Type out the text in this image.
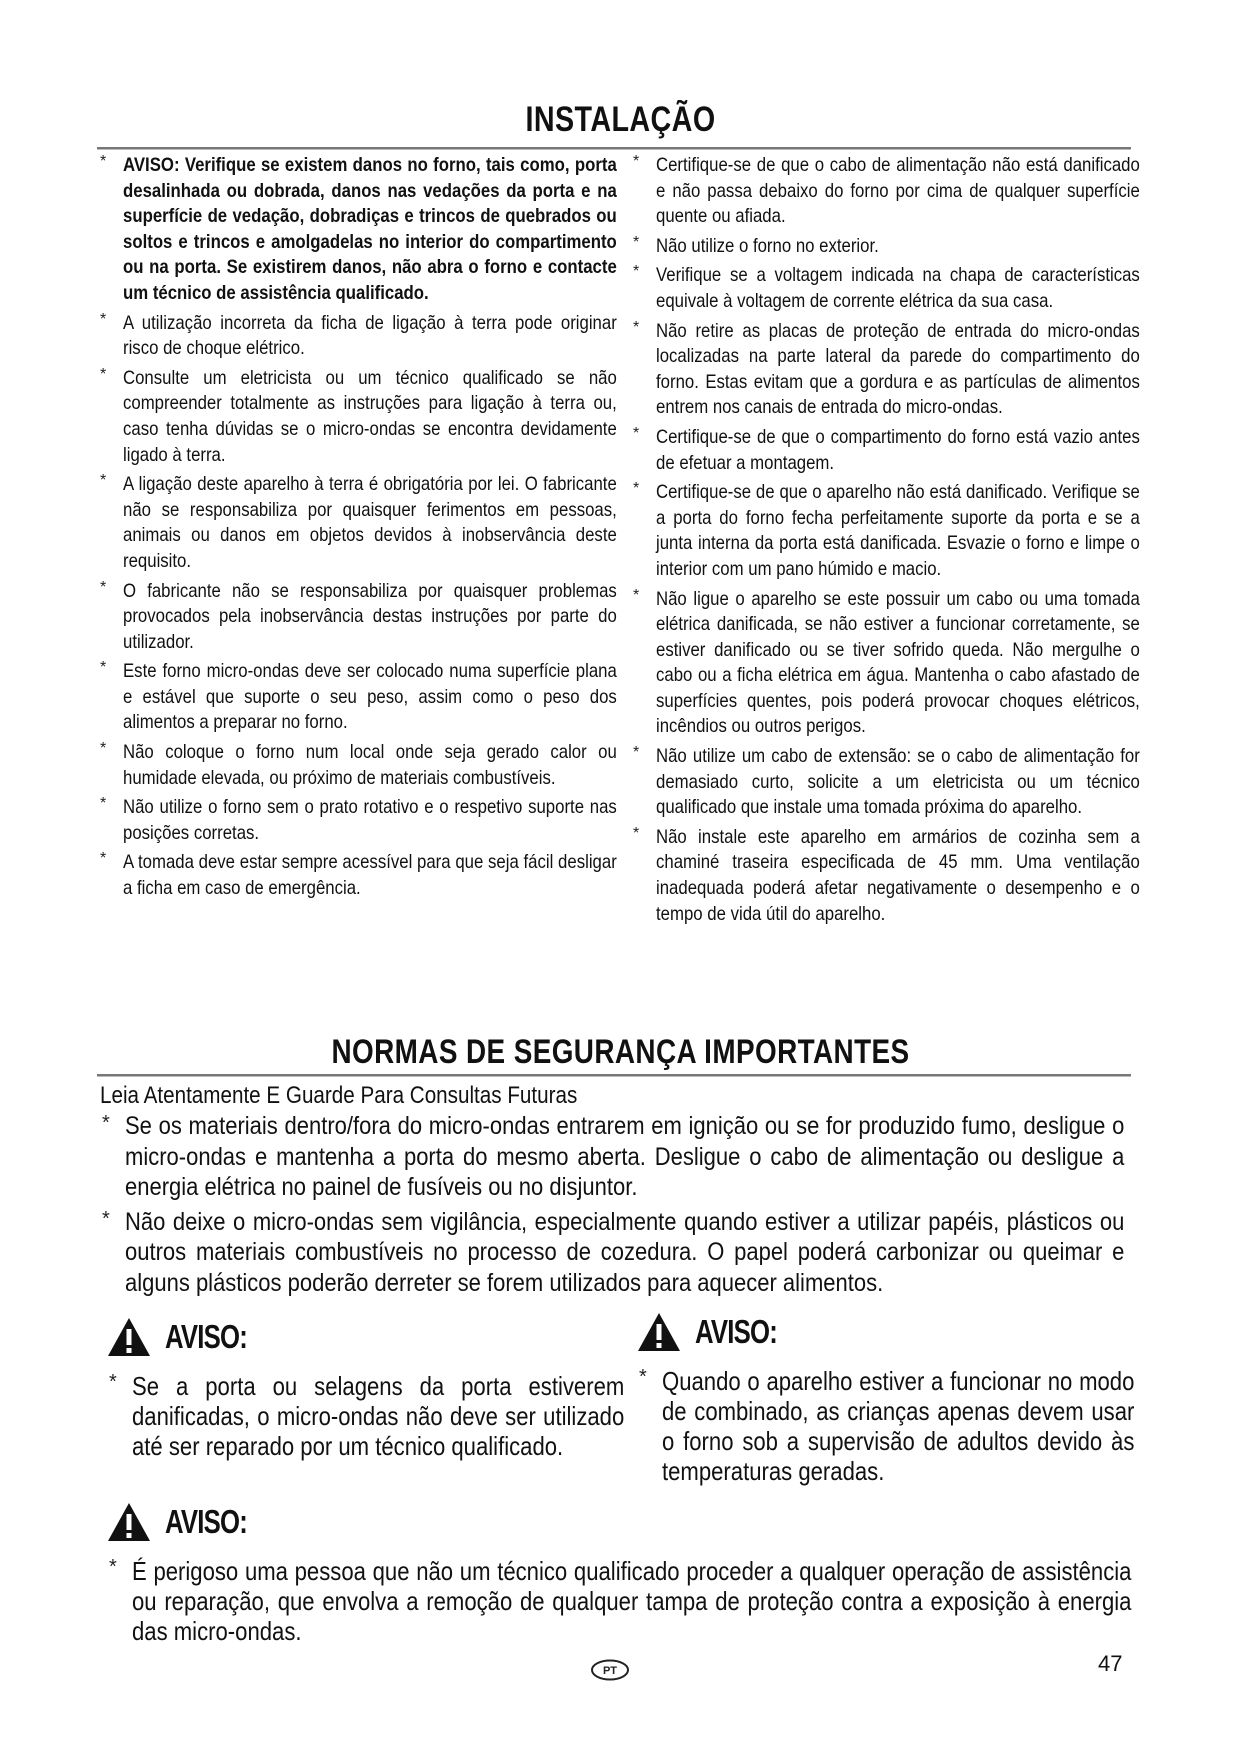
INSTALAÇÃO
* AVISO: Verifique se existem danos no forno, tais como, porta desalinhada ou dobrada, danos nas vedações da porta e na superfície de vedação, dobradiças e trincos de quebrados ou soltos e trincos e amolgadelas no interior do compartimento ou na porta. Se existirem danos, não abra o forno e contacte um técnico de assistência qualificado.
* A utilização incorreta da ficha de ligação à terra pode originar risco de choque elétrico.
* Consulte um eletricista ou um técnico qualificado se não compreender totalmente as instruções para ligação à terra ou, caso tenha dúvidas se o micro-ondas se encontra devidamente ligado à terra.
* A ligação deste aparelho à terra é obrigatória por lei. O fabricante não se responsabiliza por quaisquer ferimentos em pessoas, animais ou danos em objetos devidos à inobservância deste requisito.
* O fabricante não se responsabiliza por quaisquer problemas provocados pela inobservância destas instruções por parte do utilizador.
* Este forno micro-ondas deve ser colocado numa superfície plana e estável que suporte o seu peso, assim como o peso dos alimentos a preparar no forno.
* Não coloque o forno num local onde seja gerado calor ou humidade elevada, ou próximo de materiais combustíveis.
* Não utilize o forno sem o prato rotativo e o respetivo suporte nas posições corretas.
* A tomada deve estar sempre acessível para que seja fácil desligar a ficha em caso de emergência.
* Certifique-se de que o cabo de alimentação não está danificado e não passa debaixo do forno por cima de qualquer superfície quente ou afiada.
* Não utilize o forno no exterior.
* Verifique se a voltagem indicada na chapa de características equivale à voltagem de corrente elétrica da sua casa.
* Não retire as placas de proteção de entrada do micro-ondas localizadas na parte lateral da parede do compartimento do forno. Estas evitam que a gordura e as partículas de alimentos entrem nos canais de entrada do micro-ondas.
* Certifique-se de que o compartimento do forno está vazio antes de efetuar a montagem.
* Certifique-se de que o aparelho não está danificado. Verifique se a porta do forno fecha perfeitamente suporte da porta e se a junta interna da porta está danificada. Esvazie o forno e limpe o interior com um pano húmido e macio.
* Não ligue o aparelho se este possuir um cabo ou uma tomada elétrica danificada, se não estiver a funcionar corretamente, se estiver danificado ou se tiver sofrido queda. Não mergulhe o cabo ou a ficha elétrica em água. Mantenha o cabo afastado de superfícies quentes, pois poderá provocar choques elétricos, incêndios ou outros perigos.
* Não utilize um cabo de extensão: se o cabo de alimentação for demasiado curto, solicite a um eletricista ou um técnico qualificado que instale uma tomada próxima do aparelho.
* Não instale este aparelho em armários de cozinha sem a chaminé traseira especificada de 45 mm. Uma ventilação inadequada poderá afetar negativamente o desempenho e o tempo de vida útil do aparelho.
NORMAS DE SEGURANÇA IMPORTANTES
Leia Atentamente E Guarde Para Consultas Futuras
* Se os materiais dentro/fora do micro-ondas entrarem em ignição ou se for produzido fumo, desligue o micro-ondas e mantenha a porta do mesmo aberta. Desligue o cabo de alimentação ou desligue a energia elétrica no painel de fusíveis ou no disjuntor.
* Não deixe o micro-ondas sem vigilância, especialmente quando estiver a utilizar papéis, plásticos ou outros materiais combustíveis no processo de cozedura. O papel poderá carbonizar ou queimar e alguns plásticos poderão derreter se forem utilizados para aquecer alimentos.
AVISO:
* Se a porta ou selagens da porta estiverem danificadas, o micro-ondas não deve ser utilizado até ser reparado por um técnico qualificado.
AVISO:
* Quando o aparelho estiver a funcionar no modo de combinado, as crianças apenas devem usar o forno sob a supervisão de adultos devido às temperaturas geradas.
AVISO:
* É perigoso uma pessoa que não um técnico qualificado proceder a qualquer operação de assistência ou reparação, que envolva a remoção de qualquer tampa de proteção contra a exposição à energia das micro-ondas.
PT	47
